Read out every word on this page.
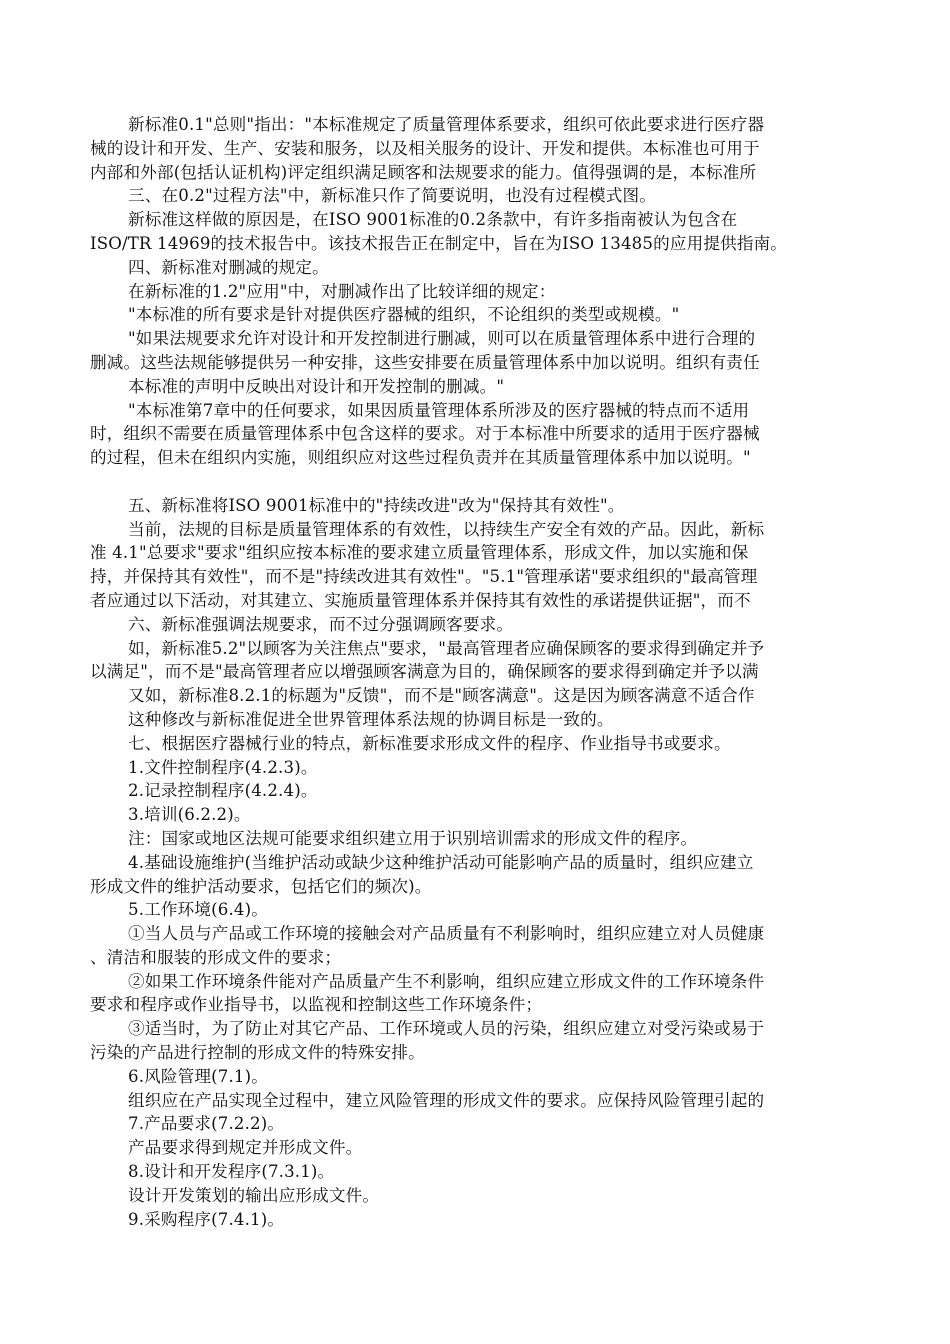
新标准0.1"总则"指出："本标准规定了质量管理体系要求，组织可依此要求进行医疗器
械的设计和开发、生产、安装和服务，以及相关服务的设计、开发和提供。本标准也可用于
内部和外部(包括认证机构)评定组织满足顾客和法规要求的能力。值得强调的是，本标准所
三、在0.2"过程方法"中，新标准只作了简要说明，也没有过程模式图。
新标准这样做的原因是，在ISO 9001标准的0.2条款中，有许多指南被认为包含在
ISO/TR 14969的技术报告中。该技术报告正在制定中，旨在为ISO 13485的应用提供指南。
四、新标准对删减的规定。
在新标准的1.2"应用"中，对删减作出了比较详细的规定：
"本标准的所有要求是针对提供医疗器械的组织，不论组织的类型或规模。"
"如果法规要求允许对设计和开发控制进行删减，则可以在质量管理体系中进行合理的
删减。这些法规能够提供另一种安排，这些安排要在质量管理体系中加以说明。组织有责任
本标准的声明中反映出对设计和开发控制的删减。"
"本标准第7章中的任何要求，如果因质量管理体系所涉及的医疗器械的特点而不适用
时，组织不需要在质量管理体系中包含这样的要求。对于本标准中所要求的适用于医疗器械
的过程，但未在组织内实施，则组织应对这些过程负责并在其质量管理体系中加以说明。"
五、新标准将ISO 9001标准中的"持续改进"改为"保持其有效性"。
当前，法规的目标是质量管理体系的有效性，以持续生产安全有效的产品。因此，新标
准 4.1"总要求"要求"组织应按本标准的要求建立质量管理体系，形成文件，加以实施和保
持，并保持其有效性"，而不是"持续改进其有效性"。"5.1"管理承诺"要求组织的"最高管理
者应通过以下活动，对其建立、实施质量管理体系并保持其有效性的承诺提供证据"，而不
六、新标准强调法规要求，而不过分强调顾客要求。
如，新标准5.2"以顾客为关注焦点"要求，"最高管理者应确保顾客的要求得到确定并予
以满足"，而不是"最高管理者应以增强顾客满意为目的，确保顾客的要求得到确定并予以满
又如，新标准8.2.1的标题为"反馈"，而不是"顾客满意"。这是因为顾客满意不适合作
这种修改与新标准促进全世界管理体系法规的协调目标是一致的。
七、根据医疗器械行业的特点，新标准要求形成文件的程序、作业指导书或要求。
1.文件控制程序(4.2.3)。
2.记录控制程序(4.2.4)。
3.培训(6.2.2)。
注：国家或地区法规可能要求组织建立用于识别培训需求的形成文件的程序。
4.基础设施维护(当维护活动或缺少这种维护活动可能影响产品的质量时，组织应建立
形成文件的维护活动要求，包括它们的频次)。
5.工作环境(6.4)。
①当人员与产品或工作环境的接触会对产品质量有不利影响时，组织应建立对人员健康
、清洁和服装的形成文件的要求；
②如果工作环境条件能对产品质量产生不利影响，组织应建立形成文件的工作环境条件
要求和程序或作业指导书，以监视和控制这些工作环境条件；
③适当时，为了防止对其它产品、工作环境或人员的污染，组织应建立对受污染或易于
污染的产品进行控制的形成文件的特殊安排。
6.风险管理(7.1)。
组织应在产品实现全过程中，建立风险管理的形成文件的要求。应保持风险管理引起的
7.产品要求(7.2.2)。
产品要求得到规定并形成文件。
8.设计和开发程序(7.3.1)。
设计开发策划的输出应形成文件。
9.采购程序(7.4.1)。
